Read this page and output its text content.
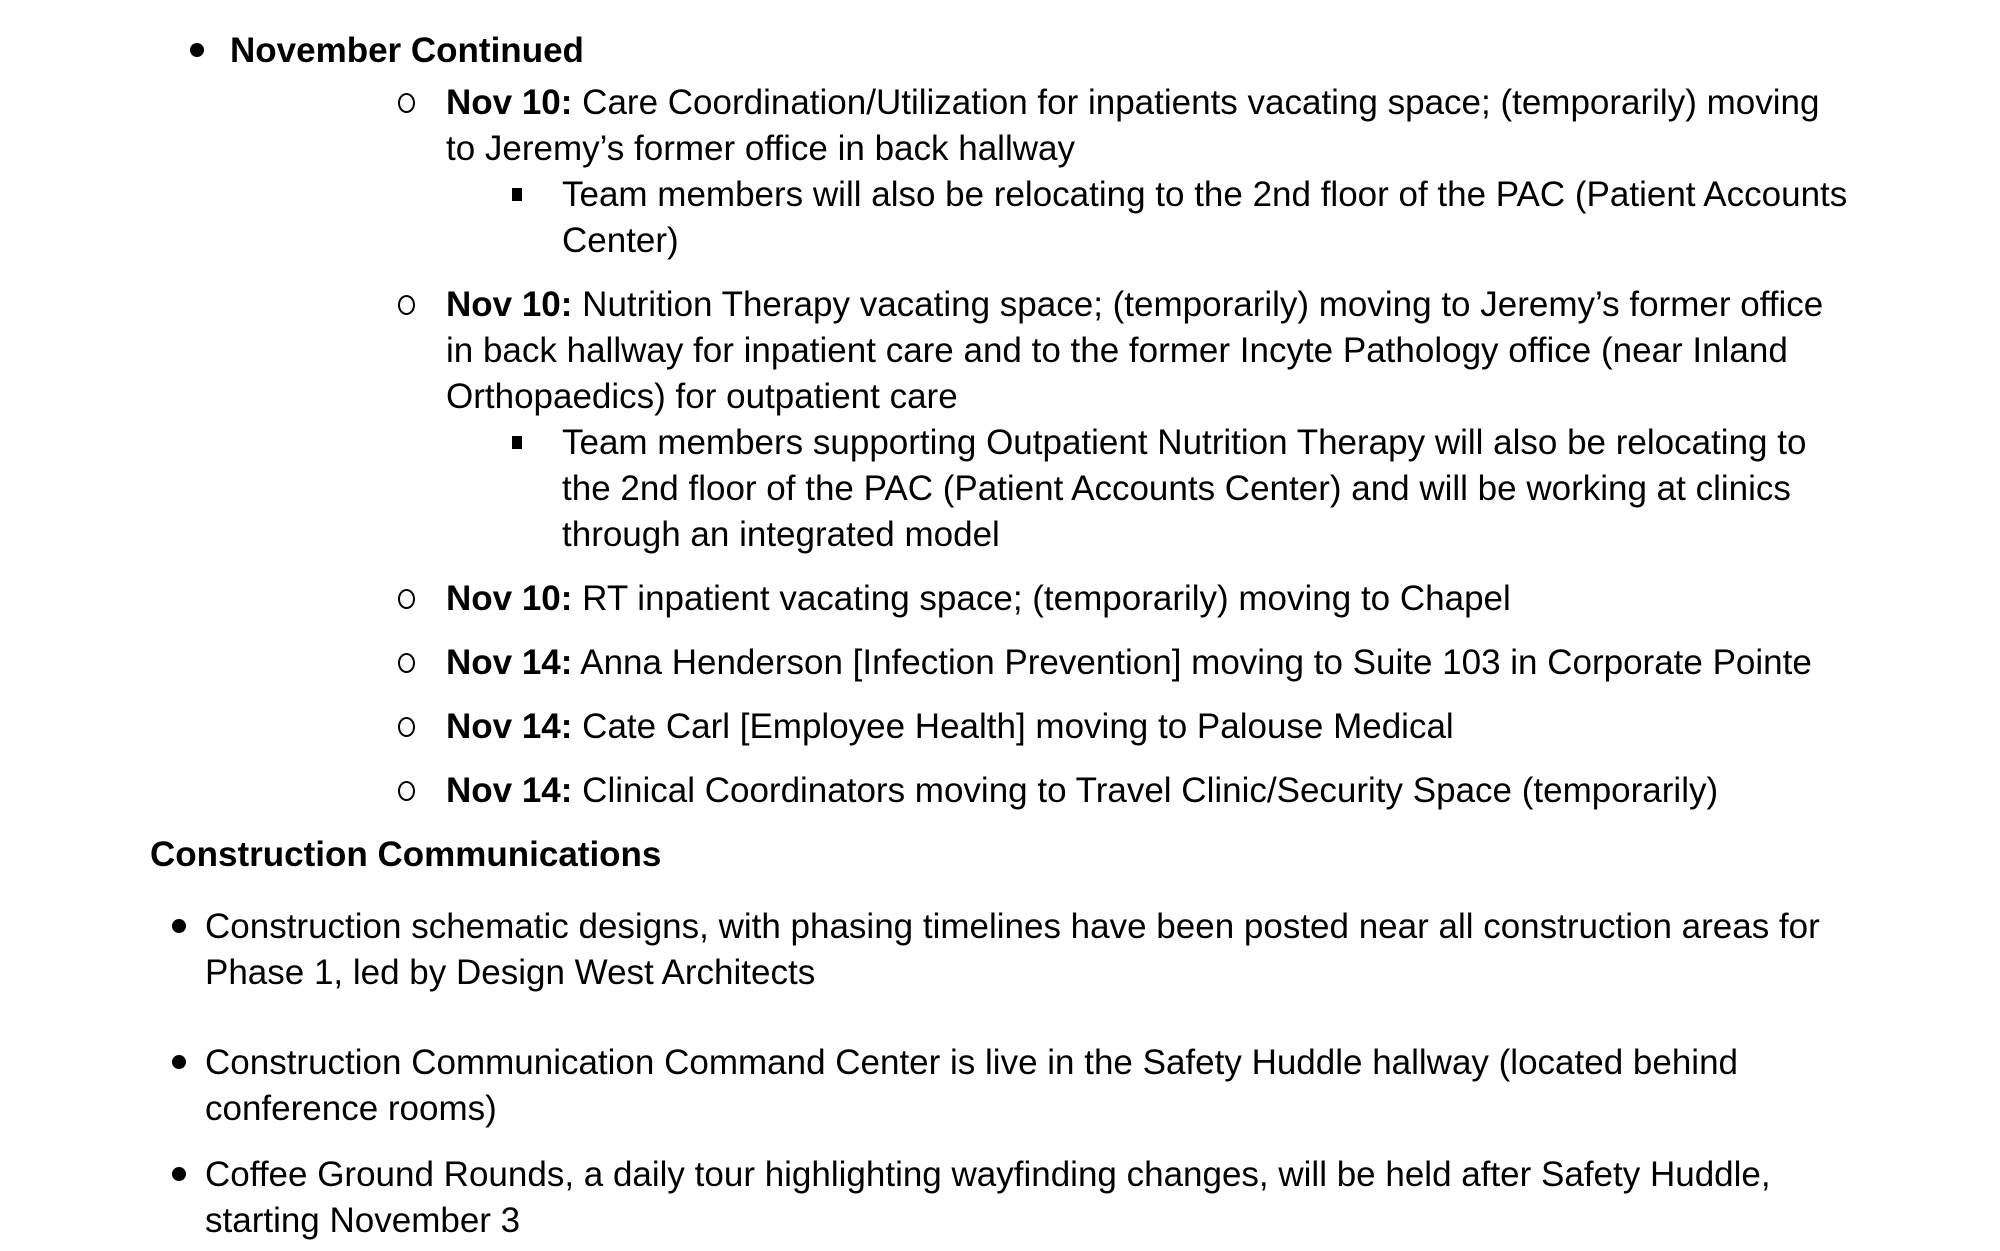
November Continued
Nov 10: Care Coordination/Utilization for inpatients vacating space; (temporarily) moving to Jeremy’s former office in back hallway
Team members will also be relocating to the 2nd floor of the PAC (Patient Accounts Center)
Nov 10: Nutrition Therapy vacating space; (temporarily) moving to Jeremy’s former office in back hallway for inpatient care and to the former Incyte Pathology office (near Inland Orthopaedics) for outpatient care
Team members supporting Outpatient Nutrition Therapy will also be relocating to the 2nd floor of the PAC (Patient Accounts Center) and will be working at clinics through an integrated model
Nov 10: RT inpatient vacating space; (temporarily) moving to Chapel
Nov 14: Anna Henderson [Infection Prevention] moving to Suite 103 in Corporate Pointe
Nov 14: Cate Carl [Employee Health] moving to Palouse Medical
Nov 14: Clinical Coordinators moving to Travel Clinic/Security Space (temporarily)
Construction Communications
Construction schematic designs, with phasing timelines have been posted near all construction areas for Phase 1, led by Design West Architects
Construction Communication Command Center is live in the Safety Huddle hallway (located behind conference rooms)
Coffee Ground Rounds, a daily tour highlighting wayfinding changes, will be held after Safety Huddle, starting November 3
